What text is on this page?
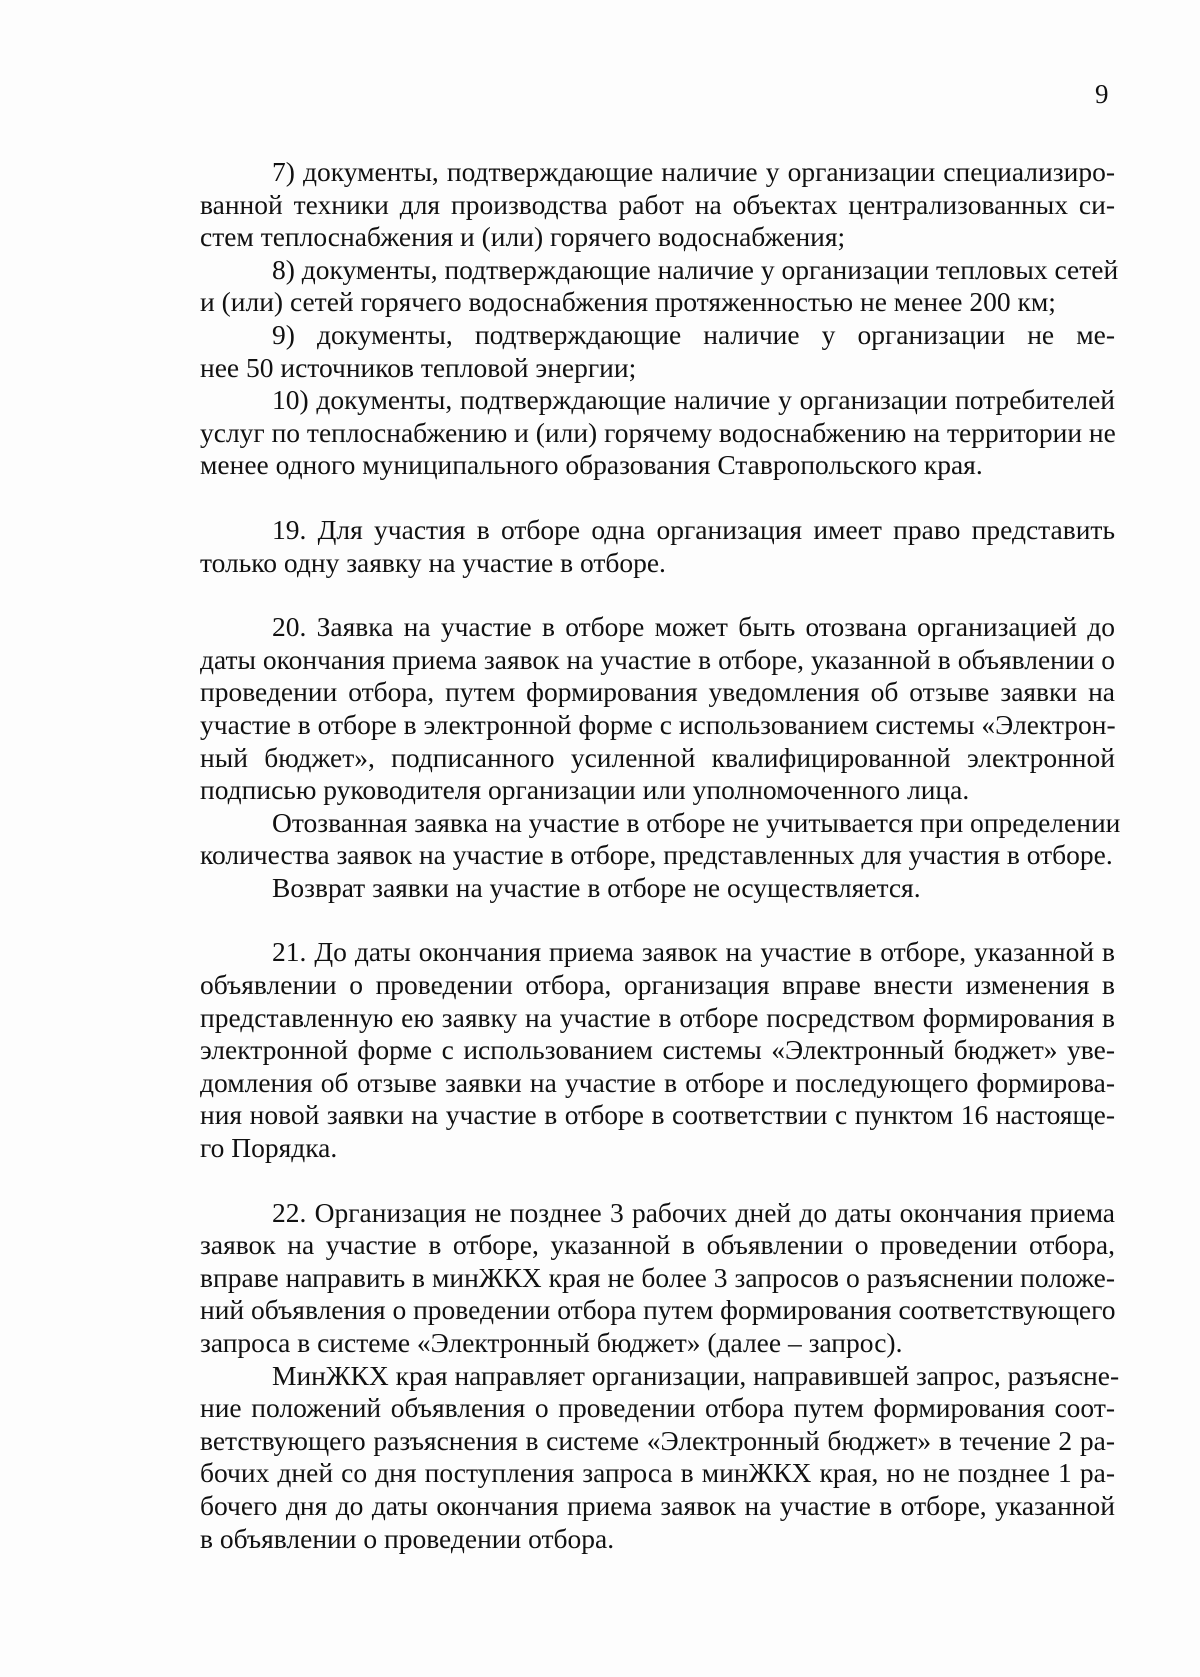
9
7) документы, подтверждающие наличие у организации специализиро-
ванной техники для производства работ на объектах централизованных си-
стем теплоснабжения и (или) горячего водоснабжения;
8) документы, подтверждающие наличие у организации тепловых сетей
и (или) сетей горячего водоснабжения протяженностью не менее 200 км;
9) документы, подтверждающие наличие у организации не ме-
нее 50 источников тепловой энергии;
10) документы, подтверждающие наличие у организации потребителей
услуг по теплоснабжению и (или) горячему водоснабжению на территории не
менее одного муниципального образования Ставропольского края.
19. Для участия в отборе одна организация имеет право представить
только одну заявку на участие в отборе.
20. Заявка на участие в отборе может быть отозвана организацией до
даты окончания приема заявок на участие в отборе, указанной в объявлении о
проведении отбора, путем формирования уведомления об отзыве заявки на
участие в отборе в электронной форме с использованием системы «Электрон-
ный бюджет», подписанного усиленной квалифицированной электронной
подписью руководителя организации или уполномоченного лица.
Отозванная заявка на участие в отборе не учитывается при определении
количества заявок на участие в отборе, представленных для участия в отборе.
Возврат заявки на участие в отборе не осуществляется.
21. До даты окончания приема заявок на участие в отборе, указанной в
объявлении о проведении отбора, организация вправе внести изменения в
представленную ею заявку на участие в отборе посредством формирования в
электронной форме с использованием системы «Электронный бюджет» уве-
домления об отзыве заявки на участие в отборе и последующего формирова-
ния новой заявки на участие в отборе в соответствии с пунктом 16 настояще-
го Порядка.
22. Организация не позднее 3 рабочих дней до даты окончания приема
заявок на участие в отборе, указанной в объявлении о проведении отбора,
вправе направить в минЖКХ края не более 3 запросов о разъяснении положе-
ний объявления о проведении отбора путем формирования соответствующего
запроса в системе «Электронный бюджет» (далее – запрос).
МинЖКХ края направляет организации, направившей запрос, разъясне-
ние положений объявления о проведении отбора путем формирования соот-
ветствующего разъяснения в системе «Электронный бюджет» в течение 2 ра-
бочих дней со дня поступления запроса в минЖКХ края, но не позднее 1 ра-
бочего дня до даты окончания приема заявок на участие в отборе, указанной
в объявлении о проведении отбора.
